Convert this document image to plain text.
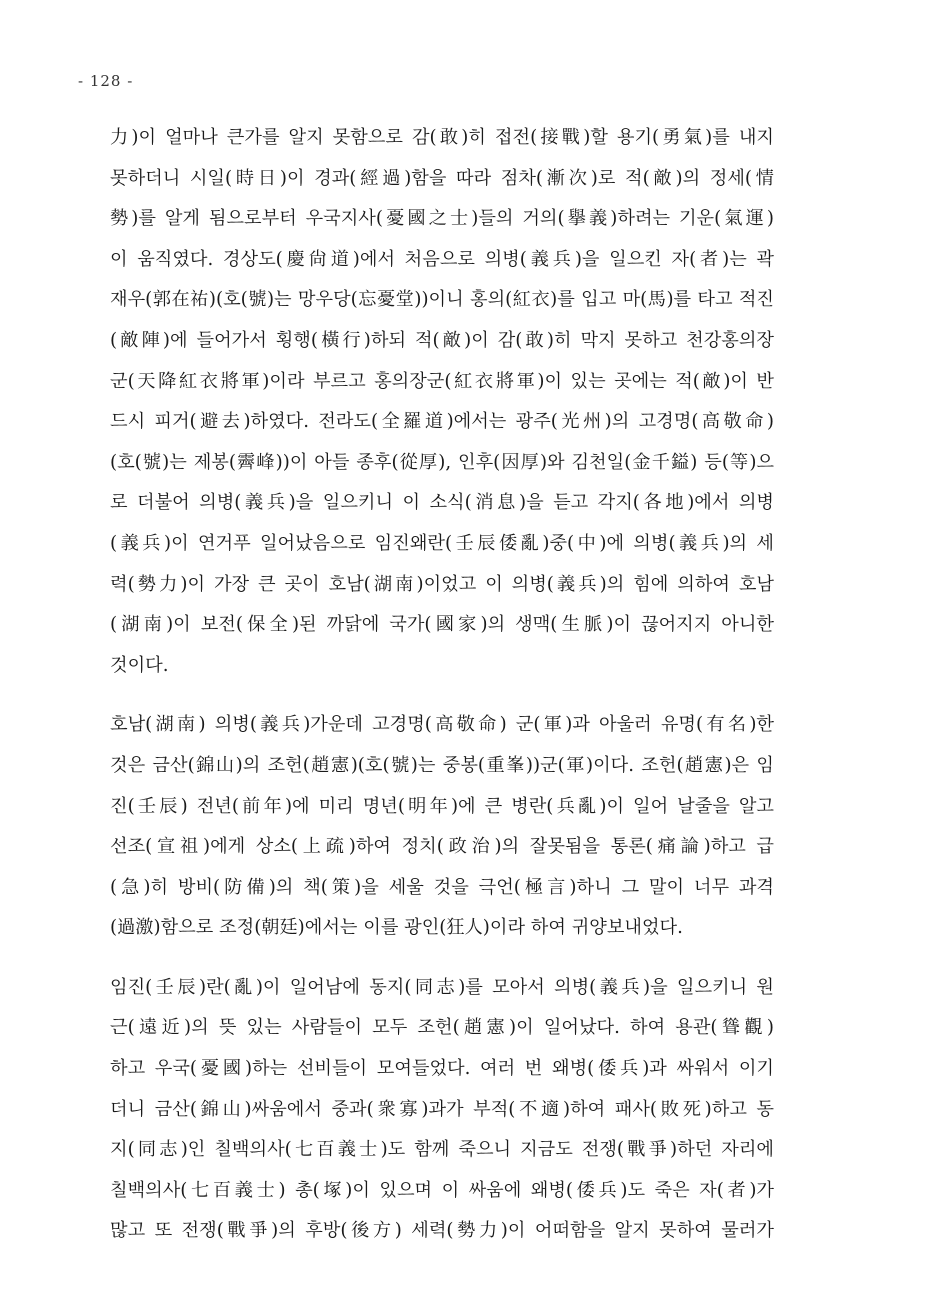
- 128 -
力)이 얼마나 큰가를 알지 못함으로 감(敢)히 접전(接戰)할 용기(勇氣)를 내지
못하더니 시일(時日)이 경과(經過)함을 따라 점차(漸次)로 적(敵)의 정세(情
勢)를 알게 됨으로부터 우국지사(憂國之士)들의 거의(擧義)하려는 기운(氣運)
이 움직였다. 경상도(慶尙道)에서 처음으로 의병(義兵)을 일으킨 자(者)는 곽
재우(郭在祐)(호(號)는 망우당(忘憂堂))이니 홍의(紅衣)를 입고 마(馬)를 타고 적진
(敵陣)에 들어가서 횡행(橫行)하되 적(敵)이 감(敢)히 막지 못하고 천강홍의장
군(天降紅衣將軍)이라 부르고 홍의장군(紅衣將軍)이 있는 곳에는 적(敵)이 반
드시 피거(避去)하였다. 전라도(全羅道)에서는 광주(光州)의 고경명(高敬命)
(호(號)는 제봉(霽峰))이 아들 종후(從厚), 인후(因厚)와 김천일(金千鎰) 등(等)으
로 더불어 의병(義兵)을 일으키니 이 소식(消息)을 듣고 각지(各地)에서 의병
(義兵)이 연거푸 일어났음으로 임진왜란(壬辰倭亂)중(中)에 의병(義兵)의 세
력(勢力)이 가장 큰 곳이 호남(湖南)이었고 이 의병(義兵)의 힘에 의하여 호남
(湖南)이 보전(保全)된 까닭에 국가(國家)의 생맥(生脈)이 끊어지지 아니한
것이다.
호남(湖南) 의병(義兵)가운데 고경명(高敬命) 군(軍)과 아울러 유명(有名)한
것은 금산(錦山)의 조헌(趙憲)(호(號)는 중봉(重峯))군(軍)이다. 조헌(趙憲)은 임
진(壬辰) 전년(前年)에 미리 명년(明年)에 큰 병란(兵亂)이 일어 날줄을 알고
선조(宣祖)에게 상소(上疏)하여 정치(政治)의 잘못됨을 통론(痛論)하고 급
(急)히 방비(防備)의 책(策)을 세울 것을 극언(極言)하니 그 말이 너무 과격
(過激)함으로 조정(朝廷)에서는 이를 광인(狂人)이라 하여 귀양보내었다.
임진(壬辰)란(亂)이 일어남에 동지(同志)를 모아서 의병(義兵)을 일으키니 원
근(遠近)의 뜻 있는 사람들이 모두 조헌(趙憲)이 일어났다. 하여 용관(聳觀)
하고 우국(憂國)하는 선비들이 모여들었다. 여러 번 왜병(倭兵)과 싸워서 이기
더니 금산(錦山)싸움에서 중과(衆寡)과가 부적(不適)하여 패사(敗死)하고 동
지(同志)인 칠백의사(七百義士)도 함께 죽으니 지금도 전쟁(戰爭)하던 자리에
칠백의사(七百義士) 총(塚)이 있으며 이 싸움에 왜병(倭兵)도 죽은 자(者)가
많고 또 전쟁(戰爭)의 후방(後方) 세력(勢力)이 어떠함을 알지 못하여 물러가
